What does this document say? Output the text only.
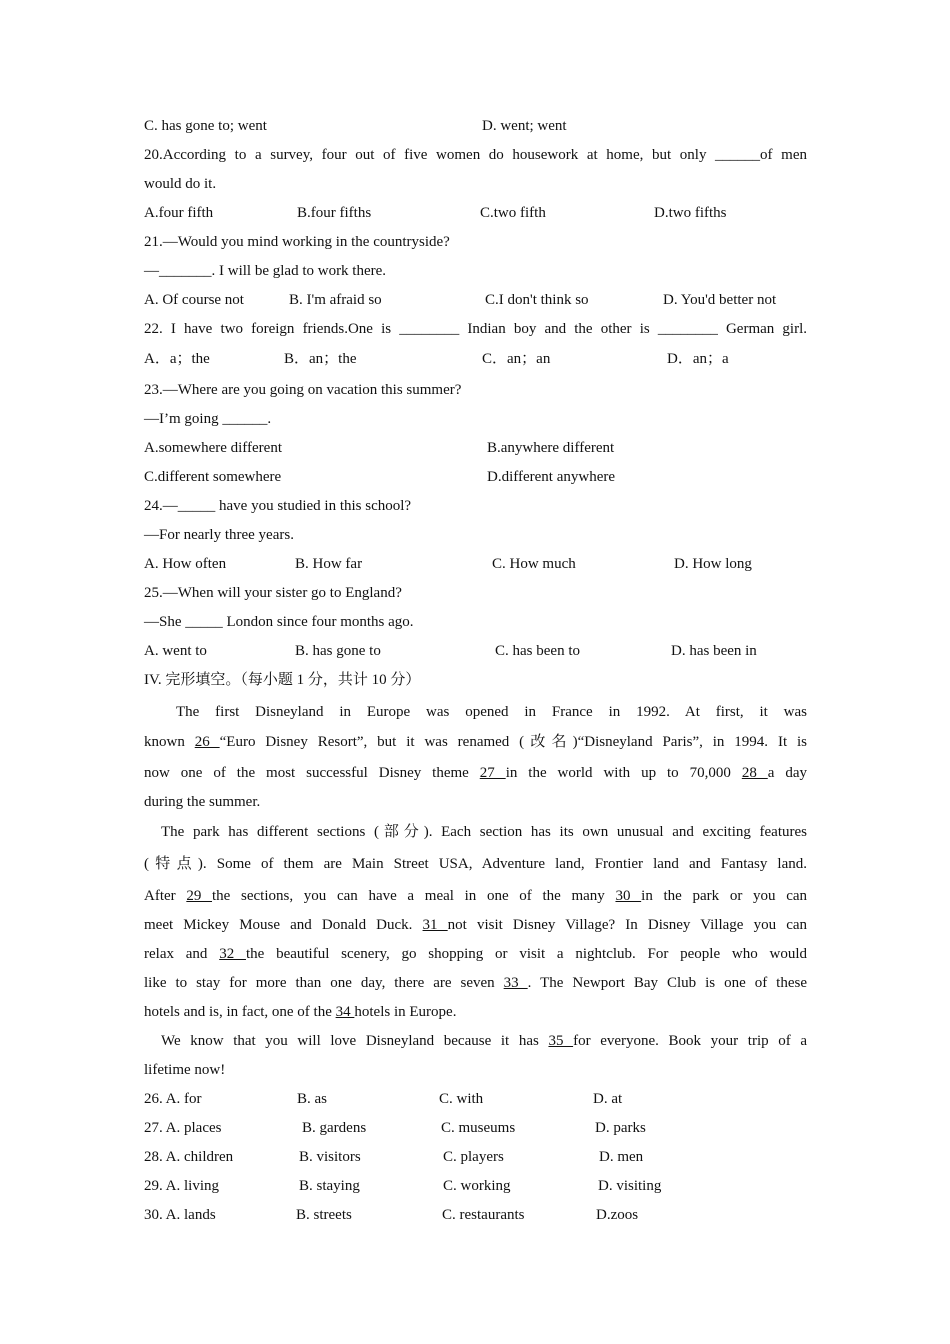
C. has gone to; went	D. went; went
20.According to a survey, four out of five women do housework at home, but only ______of men
would do it.
A.four fifth	B.four fifths	C.two fifth	D.two fifths
21.—Would you mind working in the countryside?
—_______. I will be glad to work there.
A. Of course not	B. I'm afraid so	C.I don't think so	D. You'd better not
22. I have two foreign friends.One is ________ Indian boy and the other is ________ German girl.
A．a；the	B．an；the	C．an；an	D．an；a
23.—Where are you going on vacation this summer?
—I’m going ______.
A.somewhere different	B.anywhere different
C.different somewhere	D.different anywhere
24.—_____ have you studied in this school?
—For nearly three years.
A. How often	B. How far	C. How much	D. How long
25.—When will your sister go to England?
—She _____ London since four months ago.
A. went to	B. has gone to	C. has been to	D. has been in
IV. 完形填空。（每小题 1 分，共计 10 分）
The first Disneyland in Europe was opened in France in 1992. At first, it was
known 26 “Euro Disney Resort”, but it was renamed (改名)“Disneyland Paris”, in 1994. It is
now one of the most successful Disney theme 27 in the world with up to 70,000 28 a day
during the summer.
The park has different sections (部分). Each section has its own unusual and exciting features
(特点). Some of them are Main Street USA, Adventure land, Frontier land and Fantasy land.
After 29 the sections, you can have a meal in one of the many 30 in the park or you can
meet Mickey Mouse and Donald Duck. 31 not visit Disney Village? In Disney Village you can
relax and 32 the beautiful scenery, go shopping or visit a nightclub. For people who would
like to stay for more than one day, there are seven 33 . The Newport Bay Club is one of these
hotels and is, in fact, one of the 34 hotels in Europe.
We know that you will love Disneyland because it has 35 for everyone. Book your trip of a
lifetime now!
26. A. for	B. as	C. with	D. at
27. A. places	B. gardens	C. museums	D. parks
28. A. children	B. visitors	C. players	D. men
29. A. living	B. staying	C. working	D. visiting
30. A. lands	B. streets	C. restaurants	D.zoos
